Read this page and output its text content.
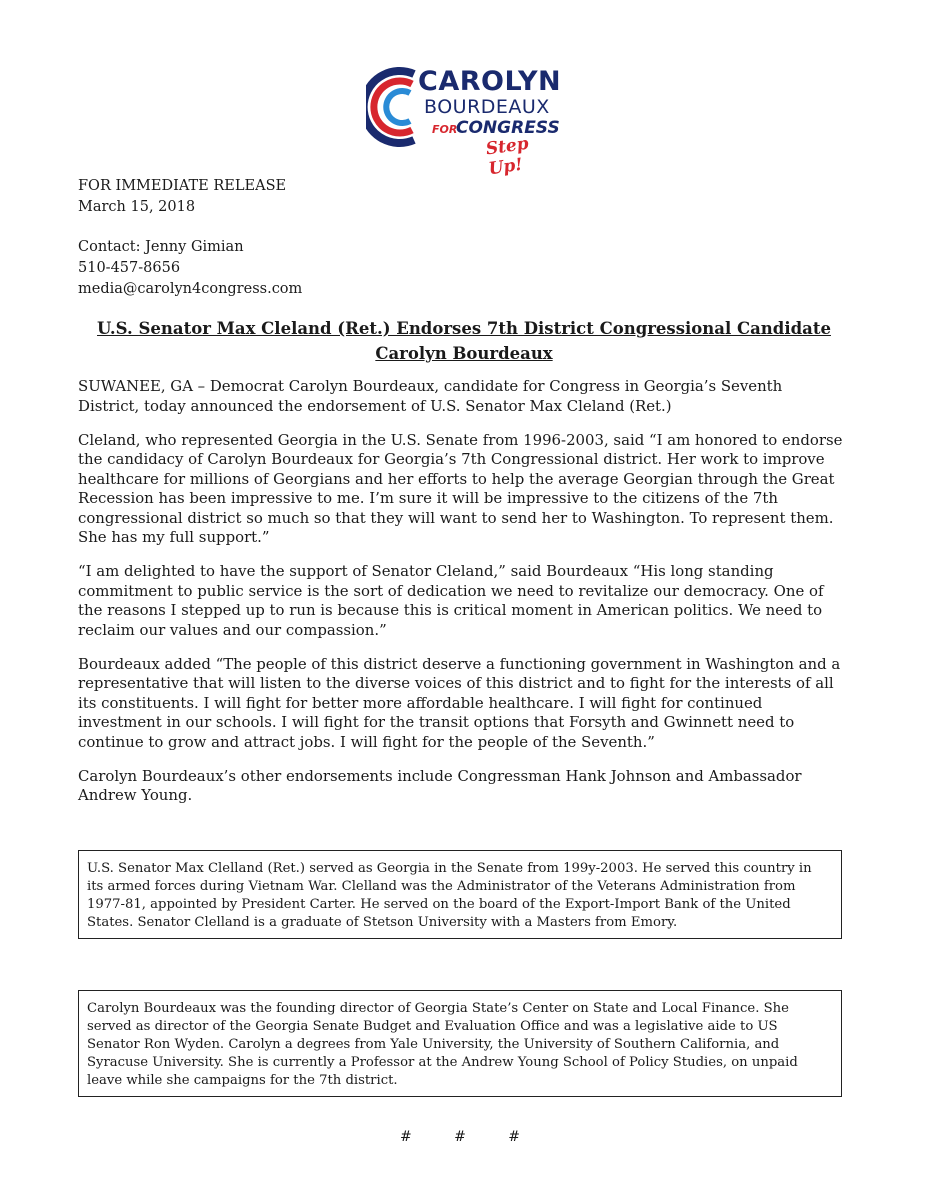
CAROLYN
BOURDEAUX
FOR
CONGRESS
Step Up!
FOR IMMEDIATE RELEASE
March 15, 2018
Contact: Jenny Gimian
510-457-8656
media@carolyn4congress.com
U.S. Senator Max Cleland (Ret.) Endorses 7th District Congressional Candidate
Carolyn Bourdeaux

SUWANEE, GA – Democrat Carolyn Bourdeaux, candidate for Congress in Georgia’s Seventh District, today announced the endorsement of U.S. Senator Max Cleland (Ret.)

Cleland, who represented Georgia in the U.S. Senate from 1996-2003, said “I am honored to endorse the candidacy of Carolyn Bourdeaux for Georgia’s 7th Congressional district. Her work to improve healthcare for millions of Georgians and her efforts to help the average Georgian through the Great Recession has been impressive to me. I’m sure it will be impressive to the citizens of the 7th congressional district so much so that they will want to send her to Washington. To represent them. She has my full support.”

“I am delighted to have the support of Senator Cleland,” said Bourdeaux “His long standing commitment to public service is the sort of dedication we need to revitalize our democracy. One of the reasons I stepped up to run is because this is critical moment in American politics. We need to reclaim our values and our compassion.”

Bourdeaux added “The people of this district deserve a functioning government in Washington and a representative that will listen to the diverse voices of this district and to fight for the interests of all its constituents. I will fight for better more affordable healthcare. I will fight for continued investment in our schools. I will fight for the transit options that Forsyth and Gwinnett need to continue to grow and attract jobs. I will fight for the people of the Seventh.”

Carolyn Bourdeaux’s other endorsements include Congressman Hank Johnson and Ambassador Andrew Young.

U.S. Senator Max Clelland (Ret.) served as Georgia in the Senate from 199y-2003. He served this country in its armed forces during Vietnam War. Clelland was the Administrator of the Veterans Administration from 1977-81, appointed by President Carter. He served on the board of the Export-Import Bank of the United States. Senator Clelland is a graduate of Stetson University with a Masters from Emory.
Carolyn Bourdeaux was the founding director of Georgia State’s Center on State and Local Finance. She served as director of the Georgia Senate Budget and Evaluation Office and was a legislative aide to US Senator Ron Wyden. Carolyn a degrees from Yale University, the University of Southern California, and Syracuse University. She is currently a Professor at the Andrew Young School of Policy Studies, on unpaid leave while she campaigns for the 7th district.
#	#	#
